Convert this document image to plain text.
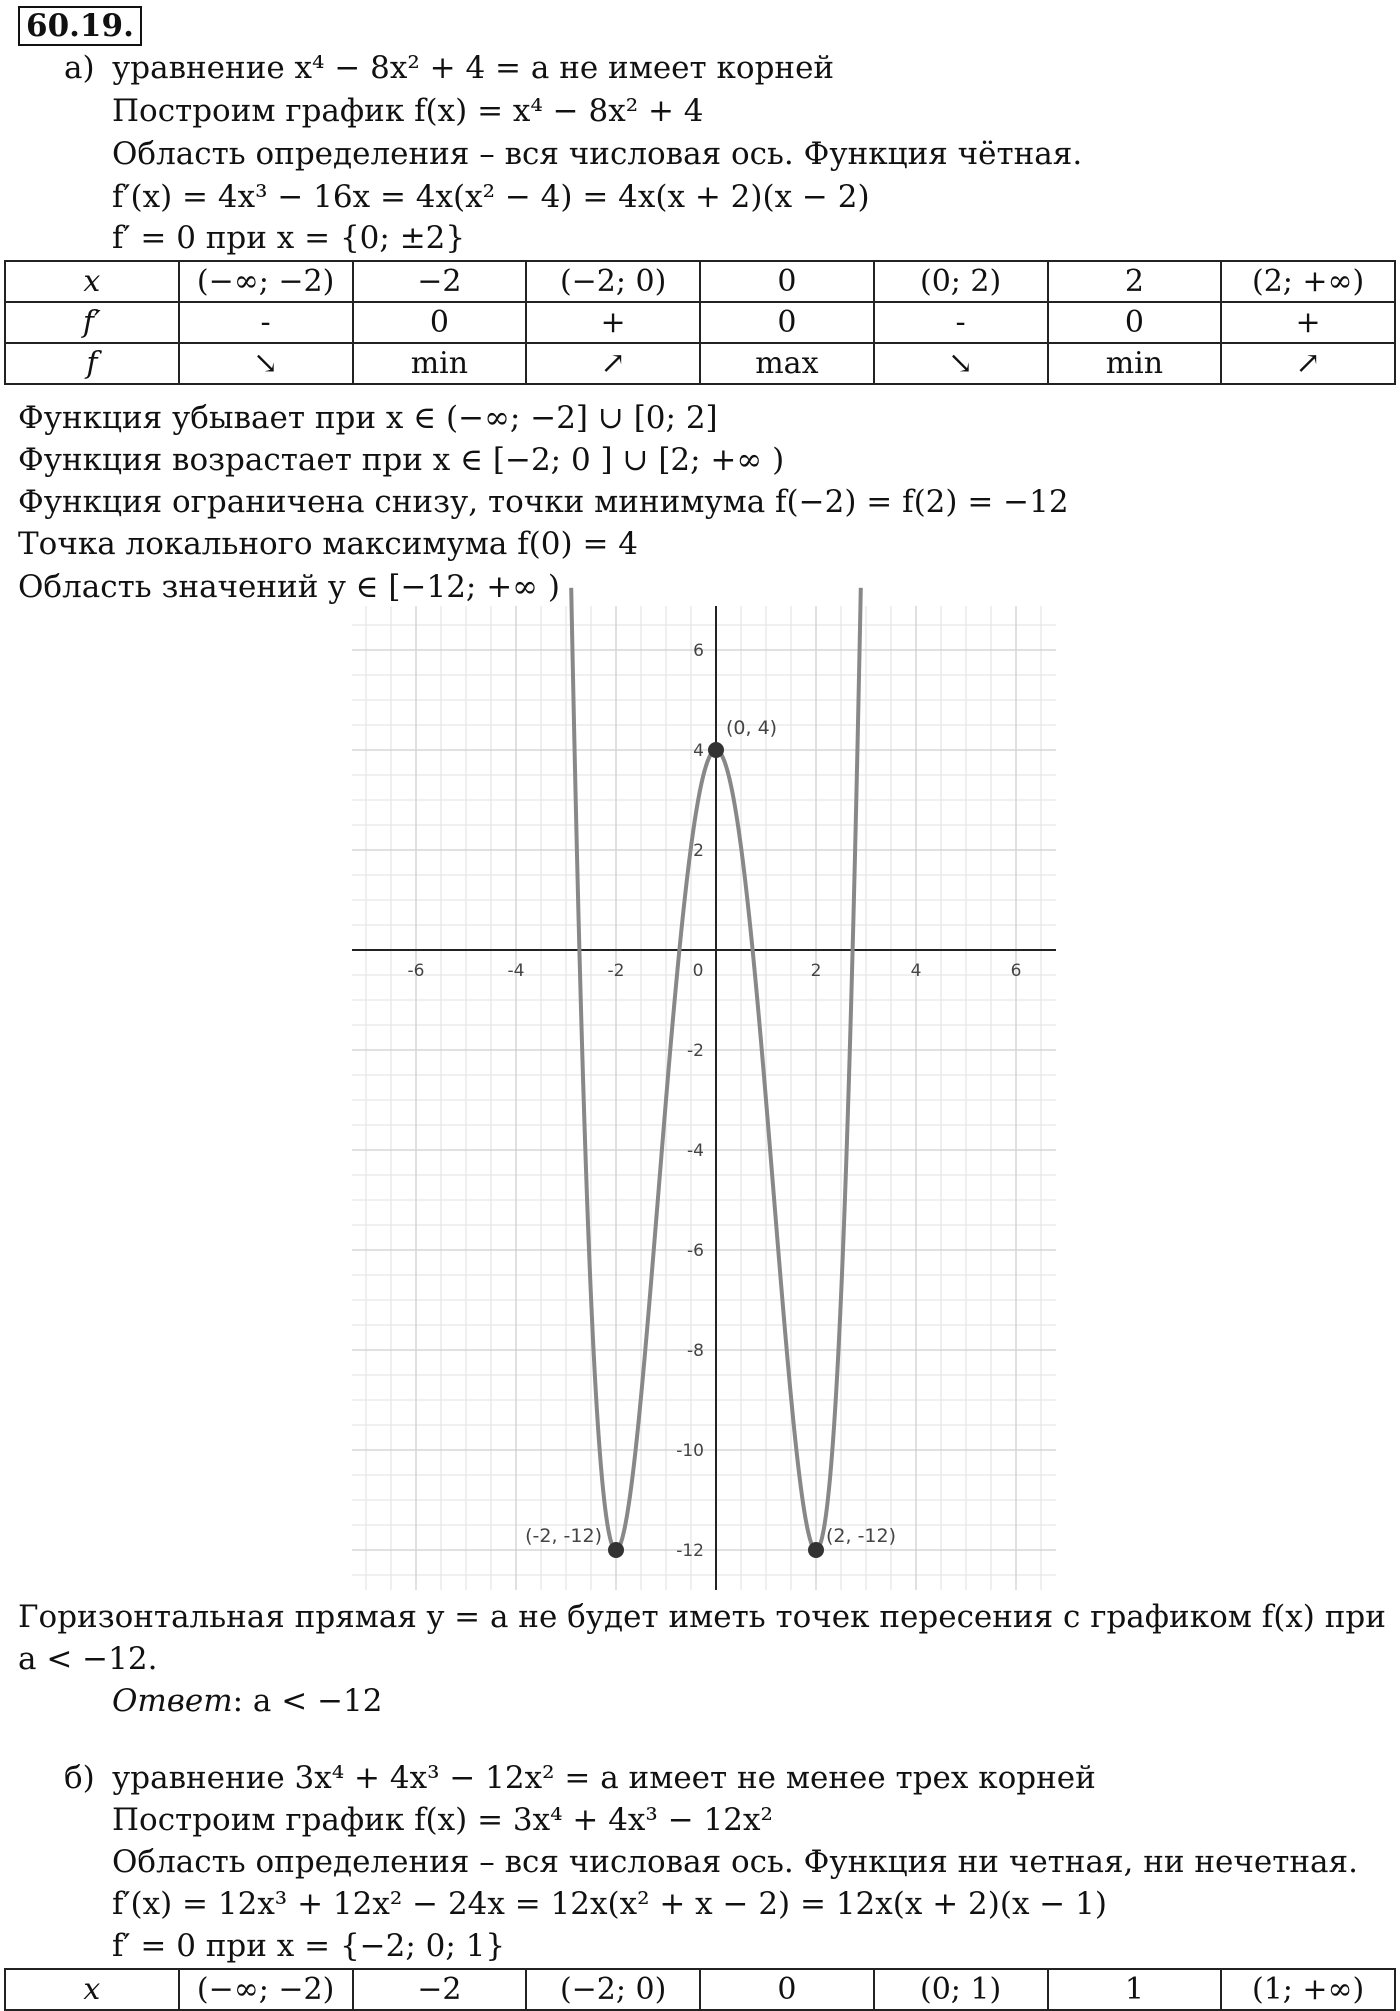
60.19.
а) уравнение x⁴ − 8x² + 4 = a не имеет корней
Построим график f(x) = x⁴ − 8x² + 4
Область определения – вся числовая ось. Функция чётная.
f′(x) = 4x³ − 16x = 4x(x² − 4) = 4x(x + 2)(x − 2)
f′ = 0 при x = {0; ±2}
x	(−∞; −2)	−2	(−2; 0)	0	(0; 2)	2	(2; +∞)
f′	-	0	+	0	-	0	+
f	↘	min	↗	max	↘	min	↗
Функция убывает при x ∈ (−∞; −2] ∪ [0; 2]
Функция возрастает при x ∈ [−2; 0 ] ∪ [2; +∞ )
Функция ограничена снизу, точки минимума f(−2) = f(2) = −12
Точка локального максимума f(0) = 4
Область значений y ∈ [−12; +∞ )
-6	-4	-2	0	2	4	6
-12
-10
-8
-6
-4
-2
2
4
6
(0, 4)
(-2, -12)	(2, -12)
Горизонтальная прямая y = a не будет иметь точек пересения с графиком f(x) при
a < −12.
Ответ: a < −12
б) уравнение 3x⁴ + 4x³ − 12x² = a имеет не менее трех корней
Построим график f(x) = 3x⁴ + 4x³ − 12x²
Область определения – вся числовая ось. Функция ни четная, ни нечетная.
f′(x) = 12x³ + 12x² − 24x = 12x(x² + x − 2) = 12x(x + 2)(x − 1)
f′ = 0 при x = {−2; 0; 1}
x	(−∞; −2)	−2	(−2; 0)	0	(0; 1)	1	(1; +∞)
